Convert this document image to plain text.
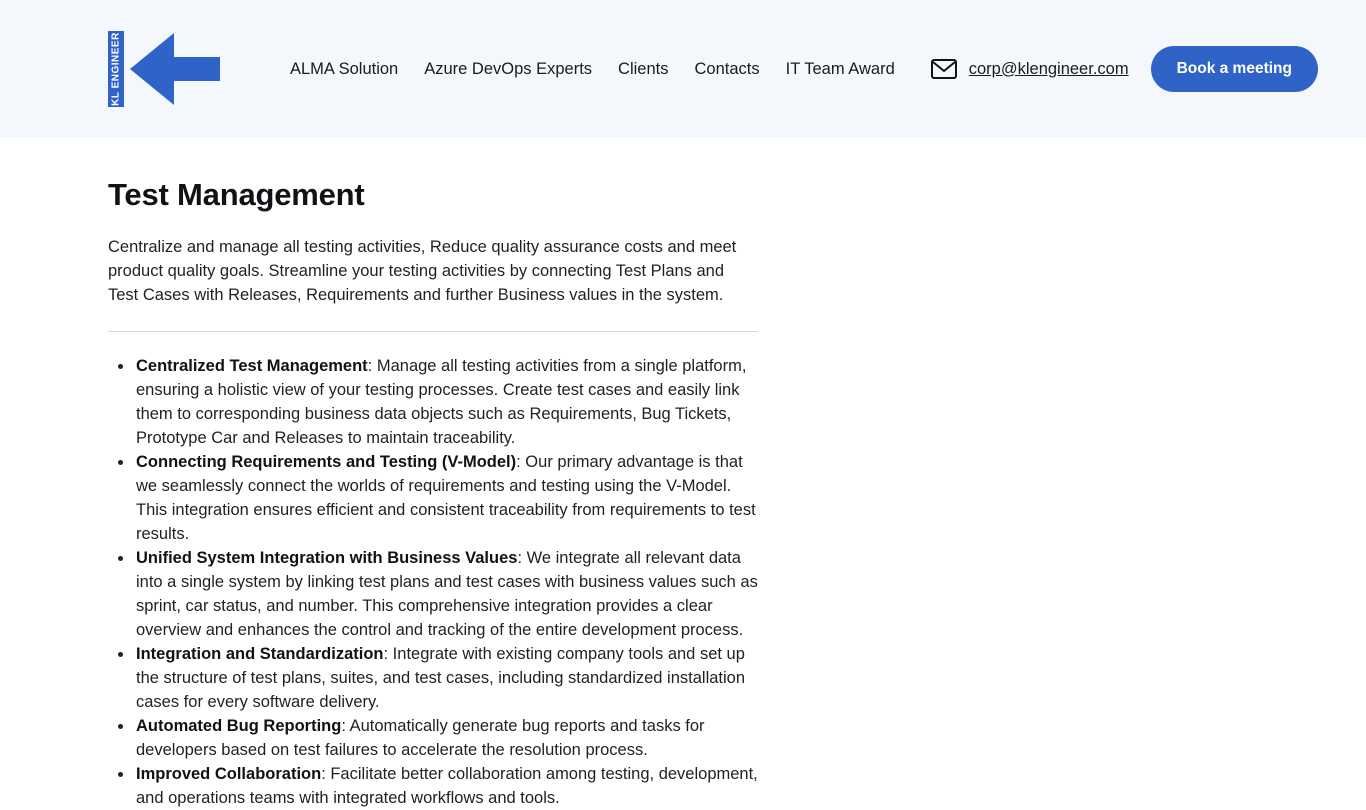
KL ENGINEER	ALMA Solution Azure DevOps Experts Clients Contacts IT Team Award	corp@klengineer.com	Book a meeting
Test Management

Centralize and manage all testing activities, Reduce quality assurance costs and meet product quality goals. Streamline your testing activities by connecting Test Plans and Test Cases with Releases, Requirements and further Business values in the system.

• Centralized Test Management: Manage all testing activities from a single platform, ensuring a holistic view of your testing processes. Create test cases and easily link them to corresponding business data objects such as Requirements, Bug Tickets, Prototype Car and Releases to maintain traceability.
• Connecting Requirements and Testing (V-Model): Our primary advantage is that we seamlessly connect the worlds of requirements and testing using the V-Model. This integration ensures efficient and consistent traceability from requirements to test results.
• Unified System Integration with Business Values: We integrate all relevant data into a single system by linking test plans and test cases with business values such as sprint, car status, and number. This comprehensive integration provides a clear overview and enhances the control and tracking of the entire development process.
• Integration and Standardization: Integrate with existing company tools and set up the structure of test plans, suites, and test cases, including standardized installation cases for every software delivery.
• Automated Bug Reporting: Automatically generate bug reports and tasks for developers based on test failures to accelerate the resolution process.
• Improved Collaboration: Facilitate better collaboration among testing, development, and operations teams with integrated workflows and tools.
